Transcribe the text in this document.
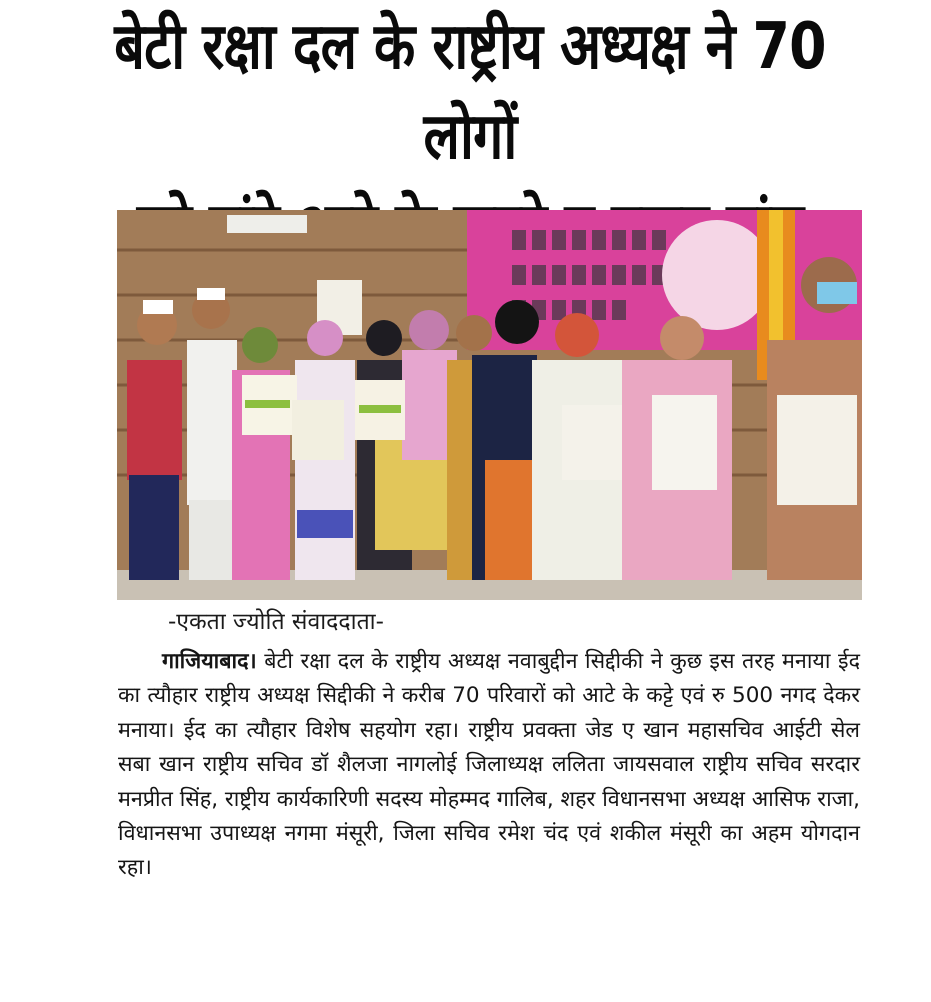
बेटी रक्षा दल के राष्ट्रीय अध्यक्ष ने 70 लोगों

-एकता ज्योति संवाददाता-

गाजियाबाद। बेटी रक्षा दल के राष्ट्रीय अध्यक्ष नवाबुद्दीन सिद्दीकी ने कुछ इस तरह मनाया ईद का त्यौहार राष्ट्रीय अध्यक्ष सिद्दीकी ने करीब 70 परिवारों को आटे के कट्टे एवं रु 500 नगद देकर मनाया। ईद का त्यौहार विशेष सहयोग रहा। राष्ट्रीय प्रवक्ता जेड ए खान महासचिव आईटी सेल सबा खान राष्ट्रीय सचिव डॉ शैलजा नागलोई जिलाध्यक्ष ललिता जायसवाल राष्ट्रीय सचिव सरदार मनप्रीत सिंह, राष्ट्रीय कार्यकारिणी सदस्य मोहम्मद गालिब, शहर विधानसभा अध्यक्ष आसिफ राजा, विधानसभा उपाध्यक्ष नगमा मंसूरी, जिला सचिव रमेश चंद एवं शकील मंसूरी का अहम योगदान रहा।
